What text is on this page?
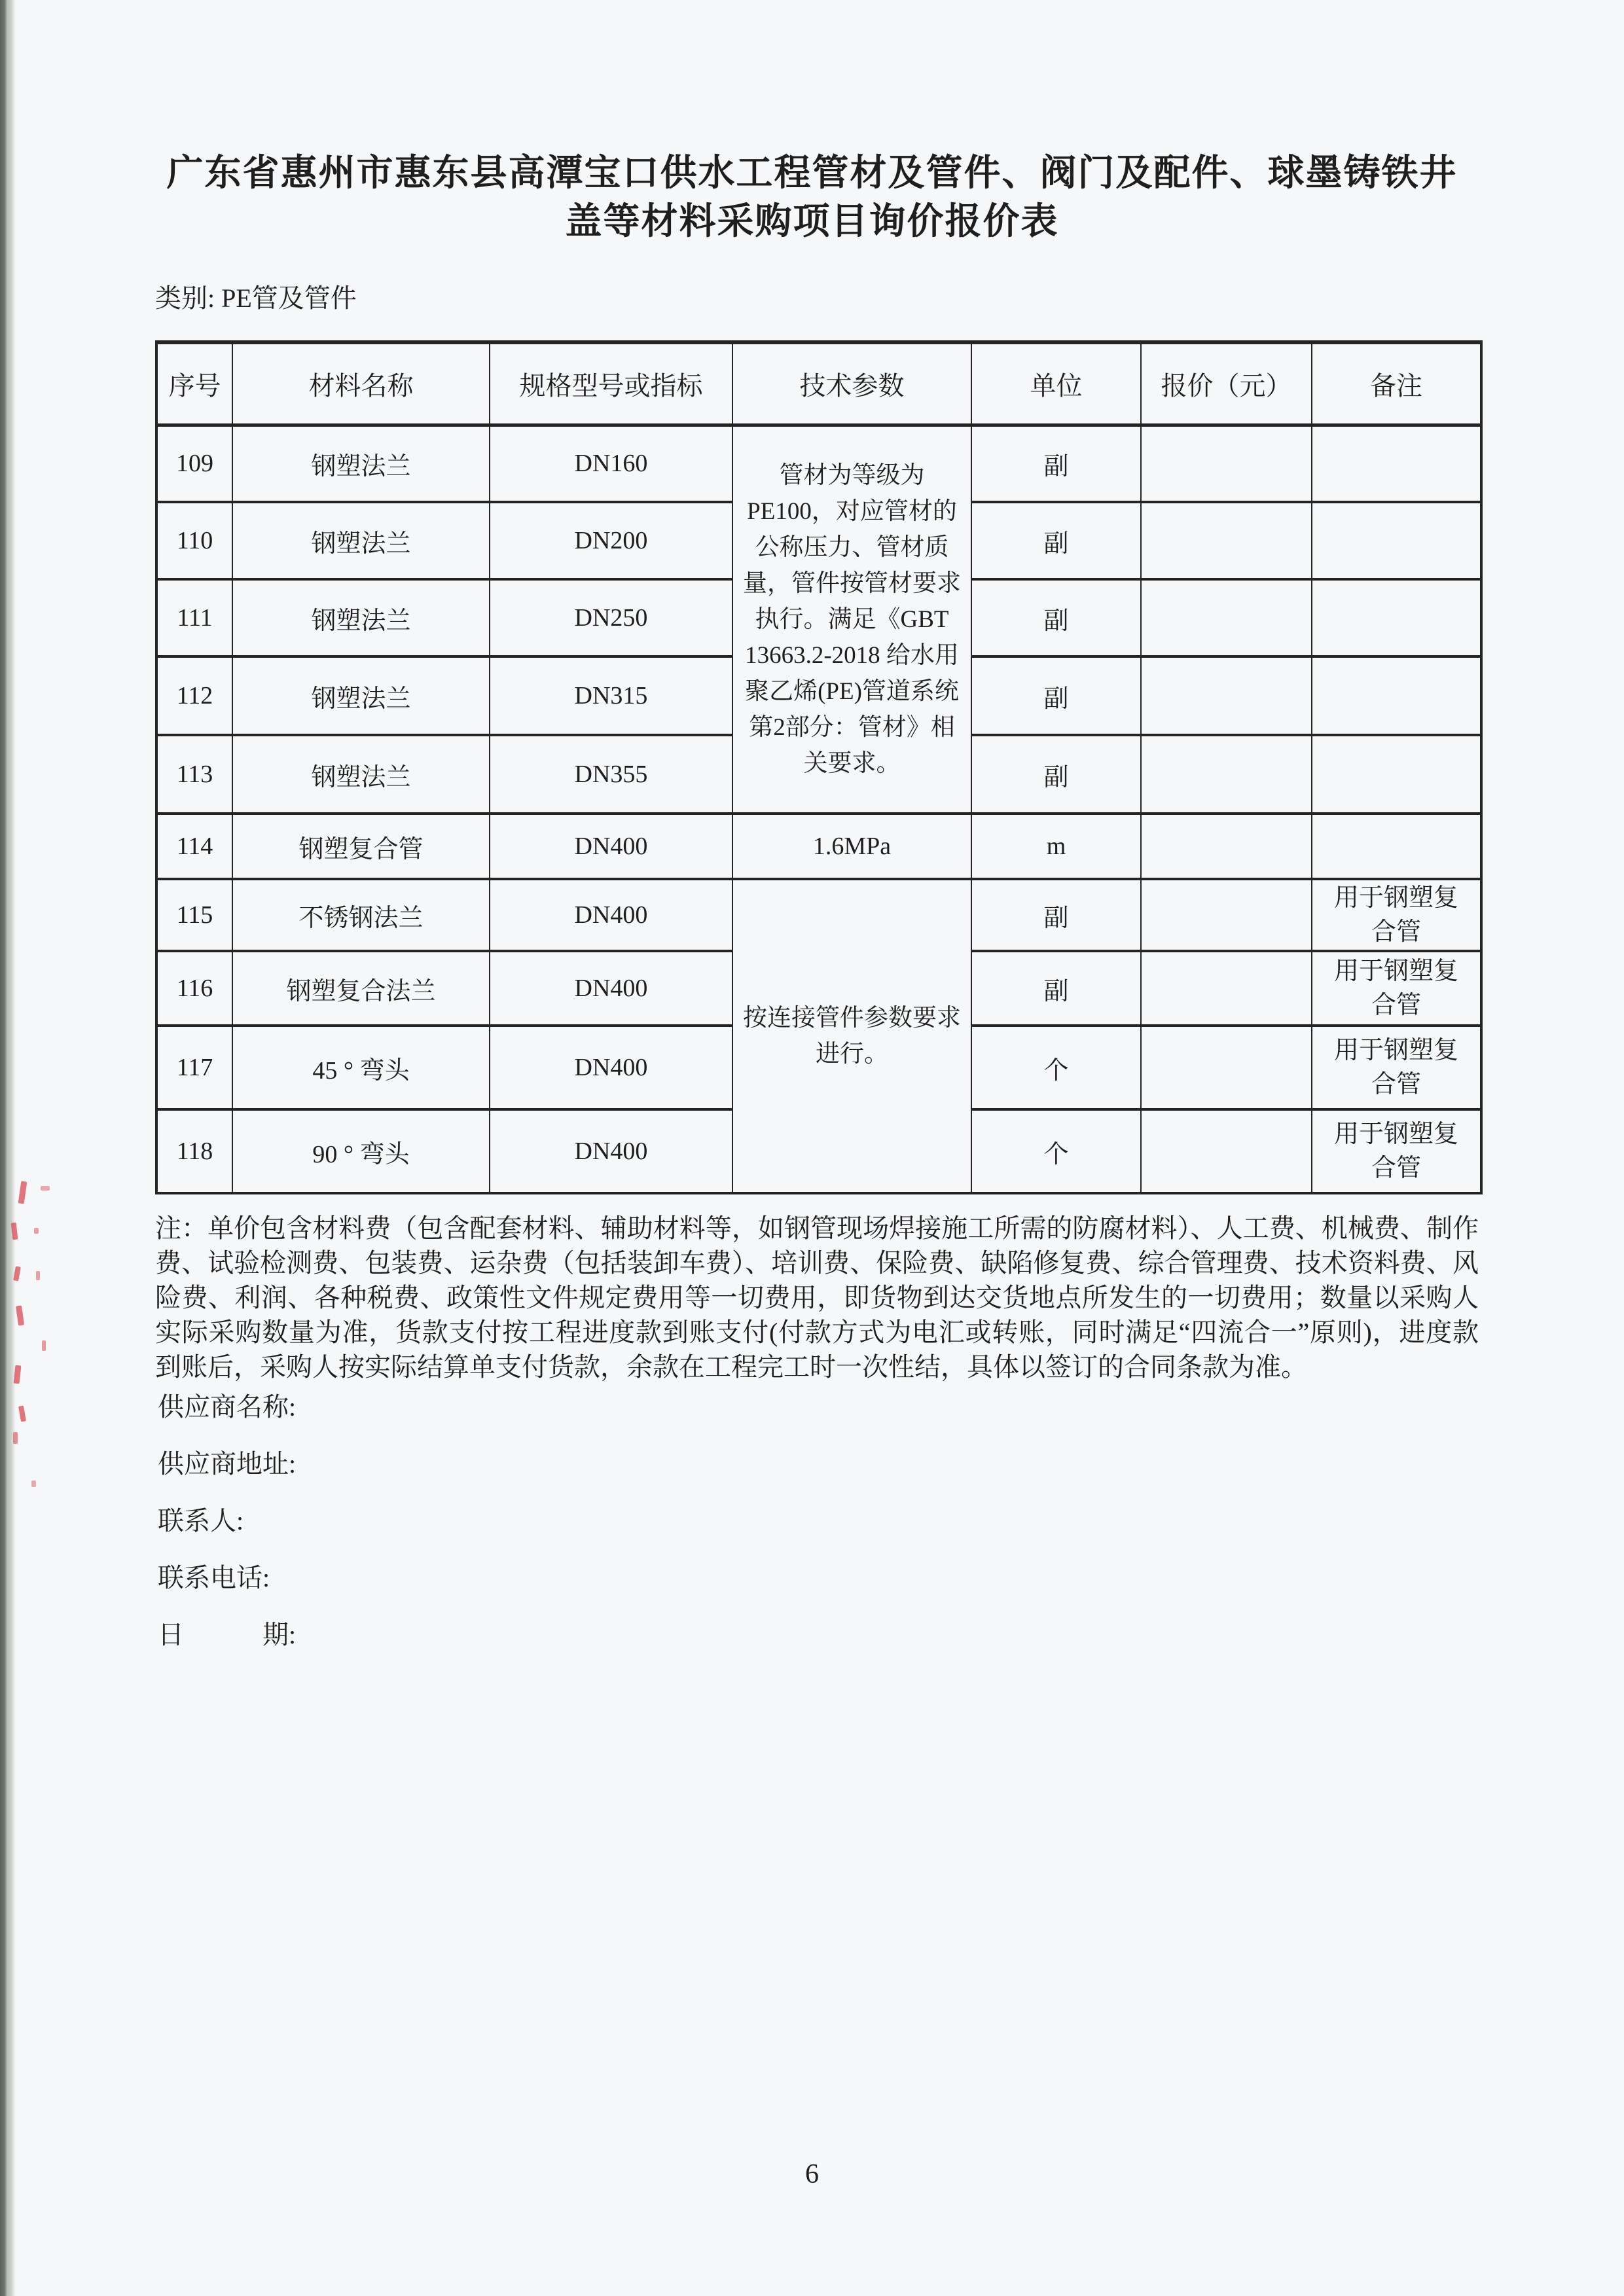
广东省惠州市惠东县高潭宝口供水工程管材及管件、阀门及配件、球墨铸铁井
盖等材料采购项目询价报价表
类别: PE管及管件
序号	材料名称	规格型号或指标	技术参数	单位	报价（元）	备注
109	钢塑法兰	DN160	管材为等级为PE100，对应管材的公称压力、管材质量，管件按管材要求执行。满足《GBT 13663.2-2018 给水用聚乙烯(PE)管道系统第2部分：管材》相关要求。	副		
110	钢塑法兰	DN200		副		
111	钢塑法兰	DN250		副		
112	钢塑法兰	DN315		副		
113	钢塑法兰	DN355		副		
114	钢塑复合管	DN400	1.6MPa	m		
115	不锈钢法兰	DN400	按连接管件参数要求进行。	副		用于钢塑复合管
116	钢塑复合法兰	DN400		副		用于钢塑复合管
117	45 ° 弯头	DN400		个		用于钢塑复合管
118	90 ° 弯头	DN400		个		用于钢塑复合管
注：单价包含材料费（包含配套材料、辅助材料等，如钢管现场焊接施工所需的防腐材料）、人工费、机械费、制作费、试验检测费、包装费、运杂费（包括装卸车费）、培训费、保险费、缺陷修复费、综合管理费、技术资料费、风险费、利润、各种税费、政策性文件规定费用等一切费用，即货物到达交货地点所发生的一切费用；数量以采购人实际采购数量为准，货款支付按工程进度款到账支付(付款方式为电汇或转账，同时满足“四流合一”原则)，进度款到账后，采购人按实际结算单支付货款，余款在工程完工时一次性结，具体以签订的合同条款为准。
供应商名称:
供应商地址:
联系人:
联系电话:
日　　　期:
6
